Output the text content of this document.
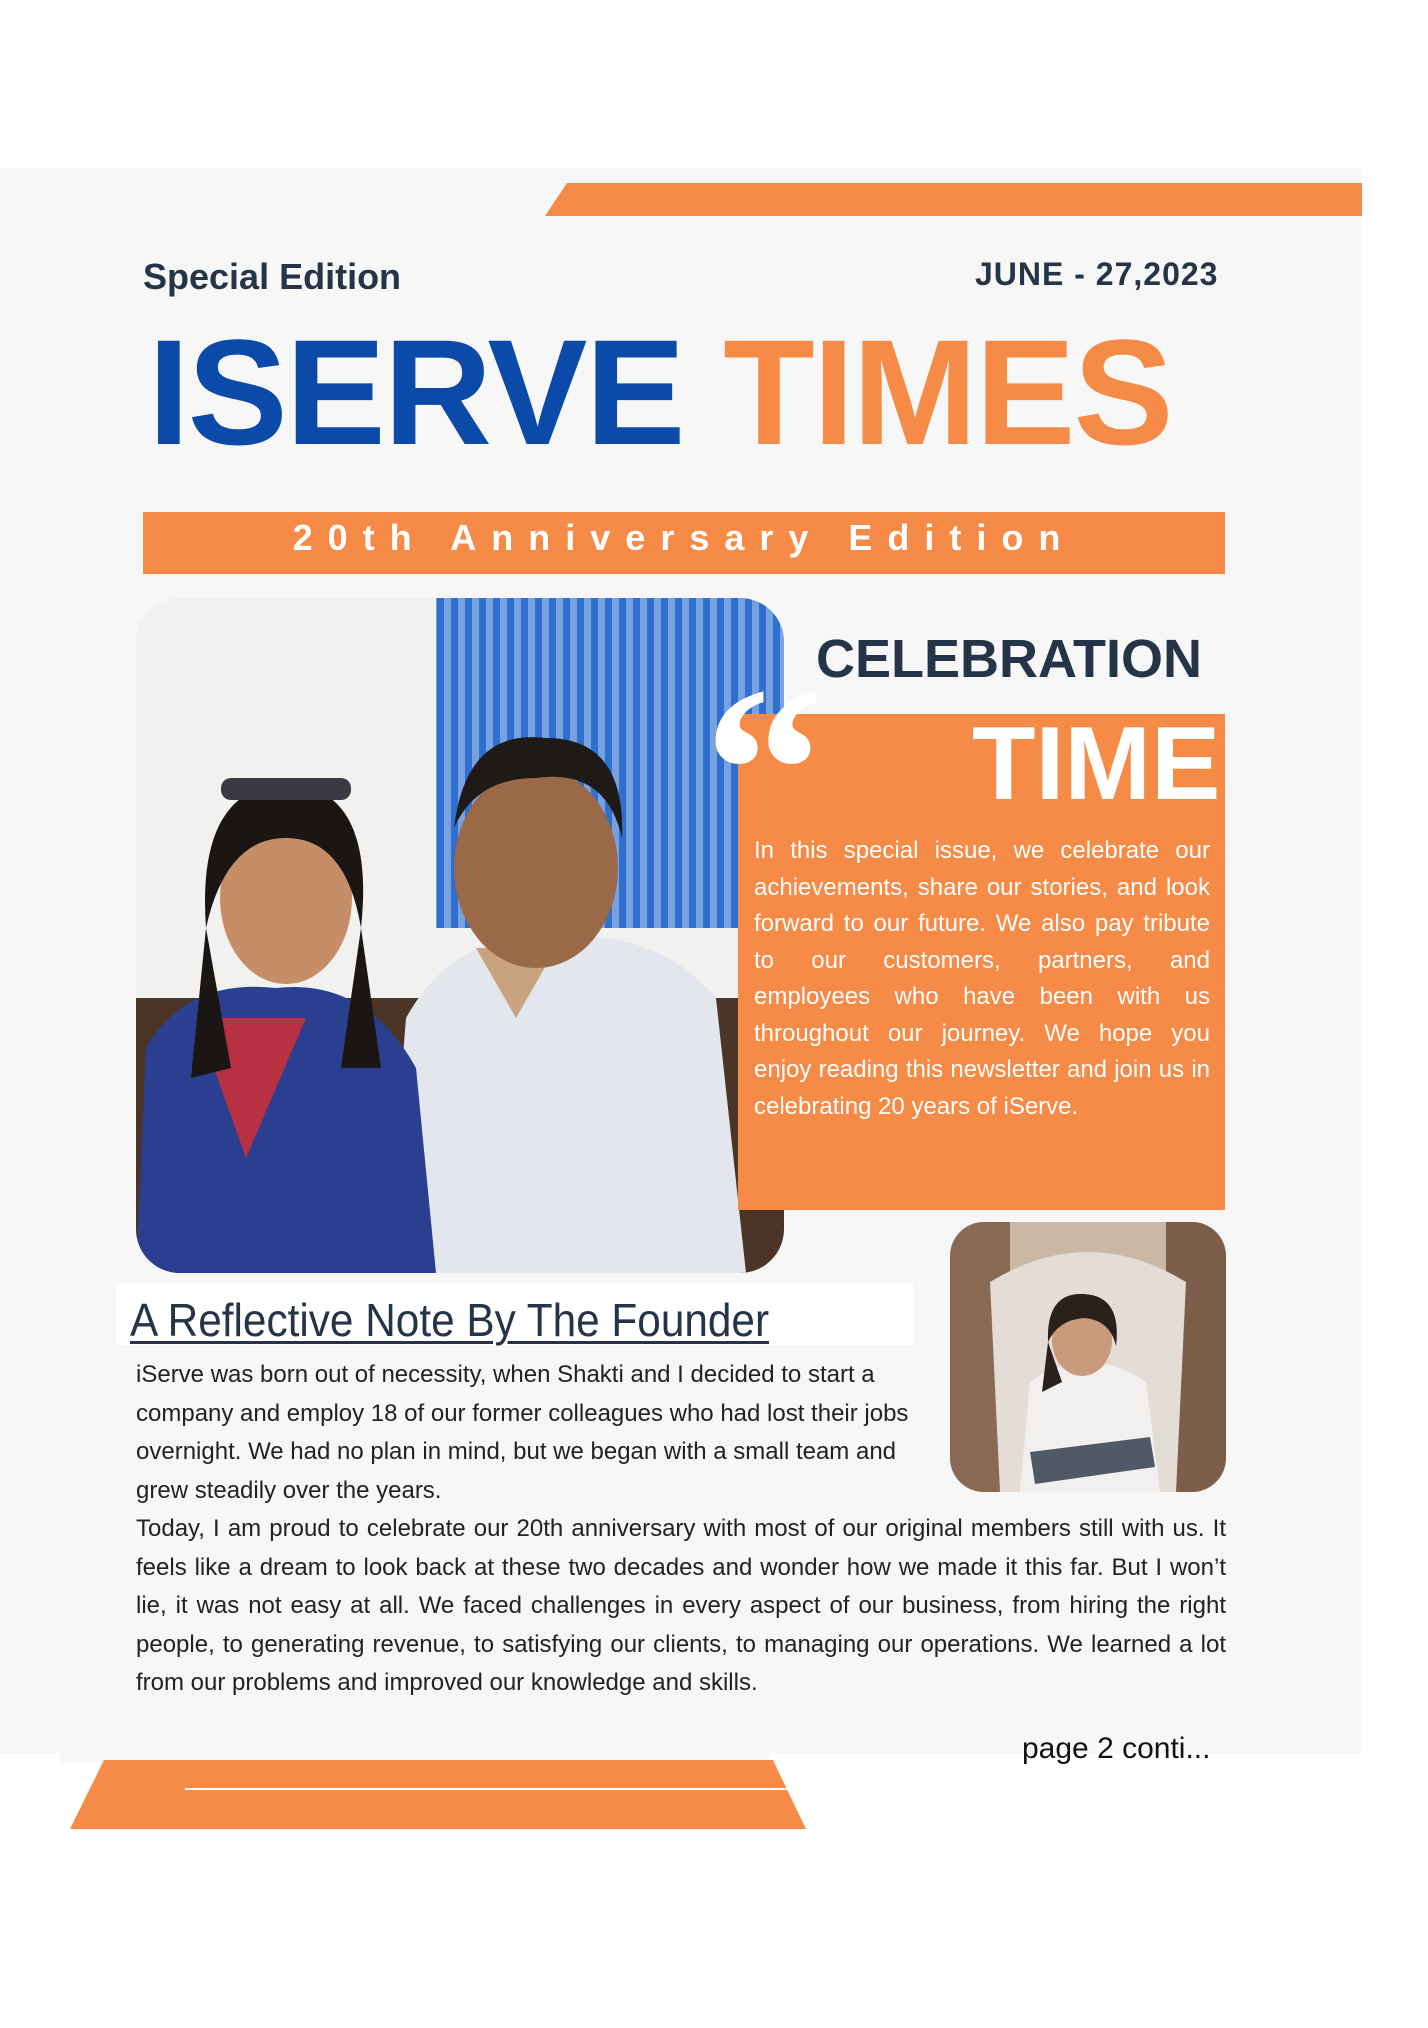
Special Edition	JUNE - 27,2023
ISERVE TIMES
20th Anniversary Edition
CELEBRATION
“ TIME
In this special issue, we celebrate our achievements, share our stories, and look forward to our future. We also pay tribute to our customers, partners, and employees who have been with us throughout our journey. We hope you enjoy reading this newsletter and join us in celebrating 20 years of iServe.
A Reflective Note By The Founder
iServe was born out of necessity, when Shakti and I decided to start a company and employ 18 of our former colleagues who had lost their jobs overnight. We had no plan in mind, but we began with a small team and grew steadily over the years.
Today, I am proud to celebrate our 20th anniversary with most of our original members still with us. It feels like a dream to look back at these two decades and wonder how we made it this far. But I won’t lie, it was not easy at all. We faced challenges in every aspect of our business, from hiring the right people, to generating revenue, to satisfying our clients, to managing our operations. We learned a lot from our problems and improved our knowledge and skills.
page 2 conti...
